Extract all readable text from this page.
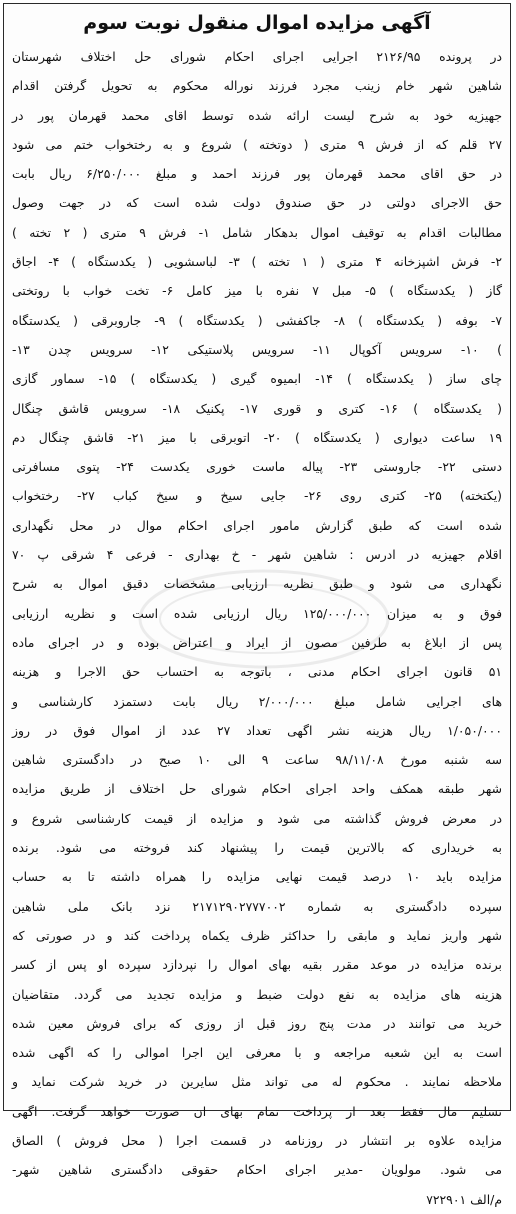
آگهی مزایده اموال منقول نوبت سوم
در پرونده ۲۱۲۶/۹۵ اجرایی اجرای احکام شورای حل اختلاف شهرستان
شاهین شهر خام زینب مجرد فرزند نوراله محکوم به تحویل گرفتن اقدام
جهیزیه خود به شرح لیست ارائه شده توسط اقای محمد قهرمان پور در
۲۷ قلم که از فرش ۹ متری ( دوتخته ) شروع و به رختخواب ختم می شود
در حق اقای محمد قهرمان پور فرزند احمد و مبلغ ۶/۲۵۰/۰۰۰ ریال بابت
حق الاجرای دولتی در حق صندوق دولت شده است که در جهت وصول
مطالبات اقدام به توقیف اموال بدهکار شامل ۱- فرش ۹ متری ( ۲ تخته )
۲- فرش اشپزخانه ۴ متری ( ۱ تخته ) ۳- لباسشویی ( یکدستگاه ) ۴- اجاق
گاز ( یکدستگاه ) ۵- مبل ۷ نفره با میز کامل ۶- تخت خواب با روتختی
۷- بوفه ( یکدستگاه ) ۸- جاکفشی ( یکدستگاه ) ۹- جاروبرقی ( یکدستگاه
) ۱۰- سرویس آکوپال ۱۱- سرویس پلاستیکی ۱۲- سرویس چدن ۱۳-
چای ساز ( یکدستگاه ) ۱۴- ابمیوه گیری ( یکدستگاه ) ۱۵- سماور گازی
( یکدستگاه ) ۱۶- کتری و قوری ۱۷- پکنیک ۱۸- سرویس قاشق چنگال
۱۹ ساعت دیواری ( یکدستگاه ) ۲۰- اتوبرقی با میز ۲۱- قاشق چنگال دم
دستی ۲۲- جاروستی ۲۳- پیاله ماست خوری یکدست ۲۴- پتوی مسافرتی
(یکتخته) ۲۵- کتری روی ۲۶- جایی سیخ و سیخ کباب ۲۷- رختخواب
شده است که طبق گزارش مامور اجرای احکام موال در محل نگهداری
اقلام جهیزیه در ادرس : شاهین شهر - خ بهداری - فرعی ۴ شرقی پ ۷۰
نگهداری می شود و طبق نظریه ارزیابی مشخصات دقیق اموال به شرح
فوق و به میزان ۱۲۵/۰۰۰/۰۰۰ ریال ارزیابی شده است و نظریه ارزیابی
پس از ابلاغ به طرفین مصون از ایراد و اعتراض بوده و در اجرای ماده
۵۱ قانون اجرای احکام مدنی ، باتوجه به احتساب حق الاجرا و هزینه
های اجرایی شامل مبلغ ۲/۰۰۰/۰۰۰ ریال بابت دستمزد کارشناسی و
۱/۰۵۰/۰۰۰ ریال هزینه نشر اگهی تعداد ۲۷ عدد از اموال فوق در روز
سه شنبه مورخ ۹۸/۱۱/۰۸ ساعت ۹ الی ۱۰ صبح در دادگستری شاهین
شهر طبقه همکف واحد اجرای احکام شورای حل اختلاف از طریق مزایده
در معرض فروش گذاشته می شود و مزایده از قیمت کارشناسی شروع و
به خریداری که بالاترین قیمت را پیشنهاد کند فروخته می شود. برنده
مزایده باید ۱۰ درصد قیمت نهایی مزایده را همراه داشته تا به حساب
سپرده دادگستری به شماره ۲۱۷۱۲۹۰۲۷۷۷۰۰۲ نزد بانک ملی شاهین
شهر واریز نماید و مابقی را حداکثر ظرف یکماه پرداخت کند و در صورتی که
برنده مزایده در موعد مقرر بقیه بهای اموال را نپردازد سپرده او پس از کسر
هزینه های مزایده به نفع دولت ضبط و مزایده تجدید می گردد. متقاضیان
خرید می توانند در مدت پنج روز قبل از روزی که برای فروش معین شده
است به این شعبه مراجعه و با معرفی این اجرا اموالی را که اگهی شده
ملاحظه نمایند . محکوم له می تواند مثل سایرین در خرید شرکت نماید و
تسلیم مال فقط بعد از پرداخت تمام بهای ان صورت خواهد گرفت. اگهی
مزایده علاوه بر انتشار در روزنامه در قسمت اجرا ( محل فروش ) الصاق
می شود. مولویان -مدیر اجرای احکام حقوقی دادگستری شاهین شهر-
م/الف ۷۲۲۹۰۱
